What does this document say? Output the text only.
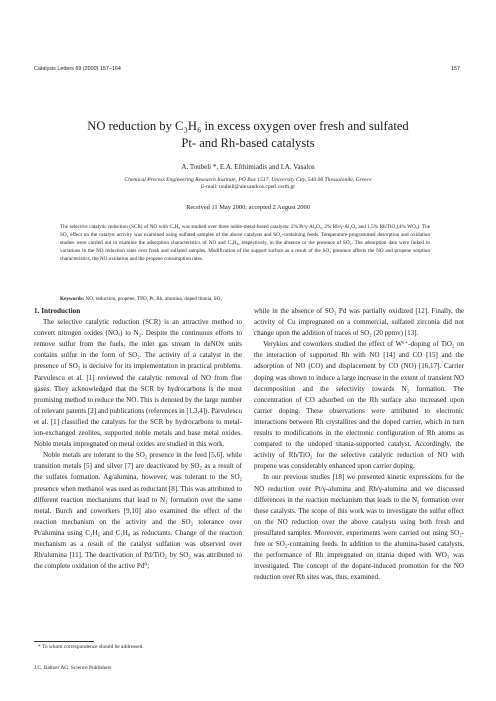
Catalysis Letters 69 (2000) 157–164	157
NO reduction by C₃H₆ in excess oxygen over fresh and sulfated
Pt- and Rh-based catalysts
A. Toubeli *, E.A. Efthimiadis and I.A. Vasalos
Chemical Process Engineering Research Institute, PO Box 1517, University City, 540 06 Thessaloniki, Greece
E-mail: toubeli@alexandros.cperi.certh.gr
Received 11 May 2000; accepted 2 August 2000
The selective catalytic reduction (SCR) of NO with C₃H₆ was studied over three noble-metal-based catalysts: 2% Pt/γ-Al₂O₃, 2% Rh/γ-Al₂O₃ and 1.5% Rh/TiO₂(4% WO₃). The SO₂ effect on the catalyst activity was examined using sulfated samples of the above catalysts and SO₂-containing feeds. Temperature-programmed desorption and oxidation studies were carried out to examine the adsorption characteristics of NO and C₃H₆, respectively, in the absence or the presence of SO₂. The adsorption data were linked to variations in the NO reduction rates over fresh and sulfated samples. Modification of the support surface as a result of the SO₂ presence affects the NO and propene sorption characteristics, the NO oxidation and the propene consumption rates.
Keywords: NO, reduction, propene, TPD, Pt, Rh, alumina, doped titania, SO₂

1. Introduction

The selective catalytic reduction (SCR) is an attractive method to convert nitrogen oxides (NOₓ) to N₂. Despite the continuous efforts to remove sulfur from the fuels, the inlet gas stream in deNOx units contains sulfur in the form of SO₂. The activity of a catalyst in the presence of SO₂ is decisive for its implementation in practical problems. Parvulescu et al. [1] reviewed the catalytic removal of NO from flue gases. They acknowledged that the SCR by hydrocarbons is the most promising method to reduce the NO. This is denoted by the large number of relevant patents [2] and publications (references in [1,3,4]). Parvulescu et al. [1] classified the catalysts for the SCR by hydrocarbons to metal-ion-exchanged zeolites, supported noble metals and base metal oxides. Noble metals impregnated on metal oxides are studied in this work.

Noble metals are tolerant to the SO₂ presence in the feed [5,6], while transition metals [5] and silver [7] are deactivated by SO₂ as a result of the sulfates formation. Ag/alumina, however, was tolerant to the SO₂ presence when methanol was used as reductant [8]. This was attributed to different reaction mechanisms that lead to N₂ formation over the same metal. Burch and coworkers [9,10] also examined the effect of the reaction mechanism on the activity and the SO₂ tolerance over Pt/alumina using C₃H₆ and C₃H₈ as reductants. Change of the reaction mechanism as a result of the catalyst sulfation was observed over Rh/alumina [11]. The deactivation of Pd/TiO₂ by SO₂ was attributed to the complete oxidation of the active Pd⁰;

while in the absence of SO₂ Pd was partially oxidized [12]. Finally, the activity of Cu impregnated on a commercial, sulfated zirconia did not change upon the addition of traces of SO₂ (20 ppmv) [13].

Verykios and coworkers studied the effect of W⁶⁺-doping of TiO₂ on the interaction of supported Rh with NO [14] and CO [15] and the adsorption of NO (CO) and displacement by CO (NO) [16,17]. Carrier doping was shown to induce a large increase in the extent of transient NO decomposition and the selectivity towards N₂ formation. The concentration of CO adsorbed on the Rh surface also increased upon carrier doping. These observations were attributed to electronic interactions between Rh crystallites and the doped carrier, which in turn results to modifications in the electronic configuration of Rh atoms as compared to the undoped titania-supported catalyst. Accordingly, the activity of Rh/TiO₂ for the selective catalytic reduction of NO with propene was considerably enhanced upon carrier doping.

In our previous studies [18] we presented kinetic expressions for the NO reduction over Pt/γ-alumina and Rh/γ-alumina and we discussed differences in the reaction mechanism that leads to the N₂ formation over these catalysts. The scope of this work was to investigate the sulfur effect on the NO reduction over the above catalysts using both fresh and presulfated samples. Moreover, experiments were carried out using SO₂-free or SO₂-containing feeds. In addition to the alumina-based catalysts, the performance of Rh impregnated on titania doped with WO₃ was investigated. The concept of the dopant-induced promotion for the NO reduction over Rh sites was, thus, examined.

* To whom correspondence should be addressed.
J.C. Baltzer AG, Science Publishers
